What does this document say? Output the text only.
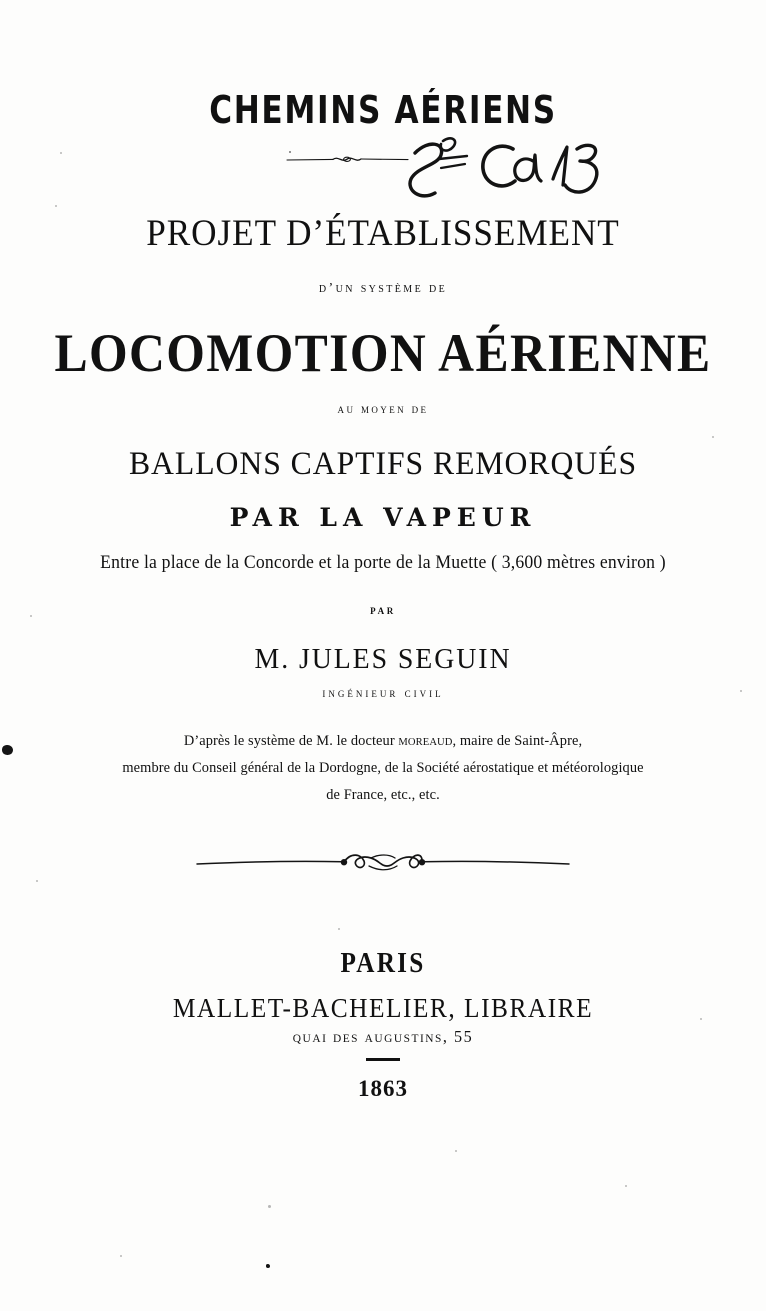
CHEMINS AÉRIENS
PROJET D’ÉTABLISSEMENT
d’un système de
LOCOMOTION AÉRIENNE
au moyen de
BALLONS CAPTIFS REMORQUÉS
PAR LA VAPEUR
Entre la place de la Concorde et la porte de la Muette ( 3,600 mètres environ )
par
M. JULES SEGUIN
ingénieur civil
D’après le système de M. le docteur moreaud, maire de Saint-Âpre,
membre du Conseil général de la Dordogne, de la Société aérostatique et météorologique
de France, etc., etc.
PARIS
MALLET-BACHELIER, LIBRAIRE
quai des augustins, 55
1863
